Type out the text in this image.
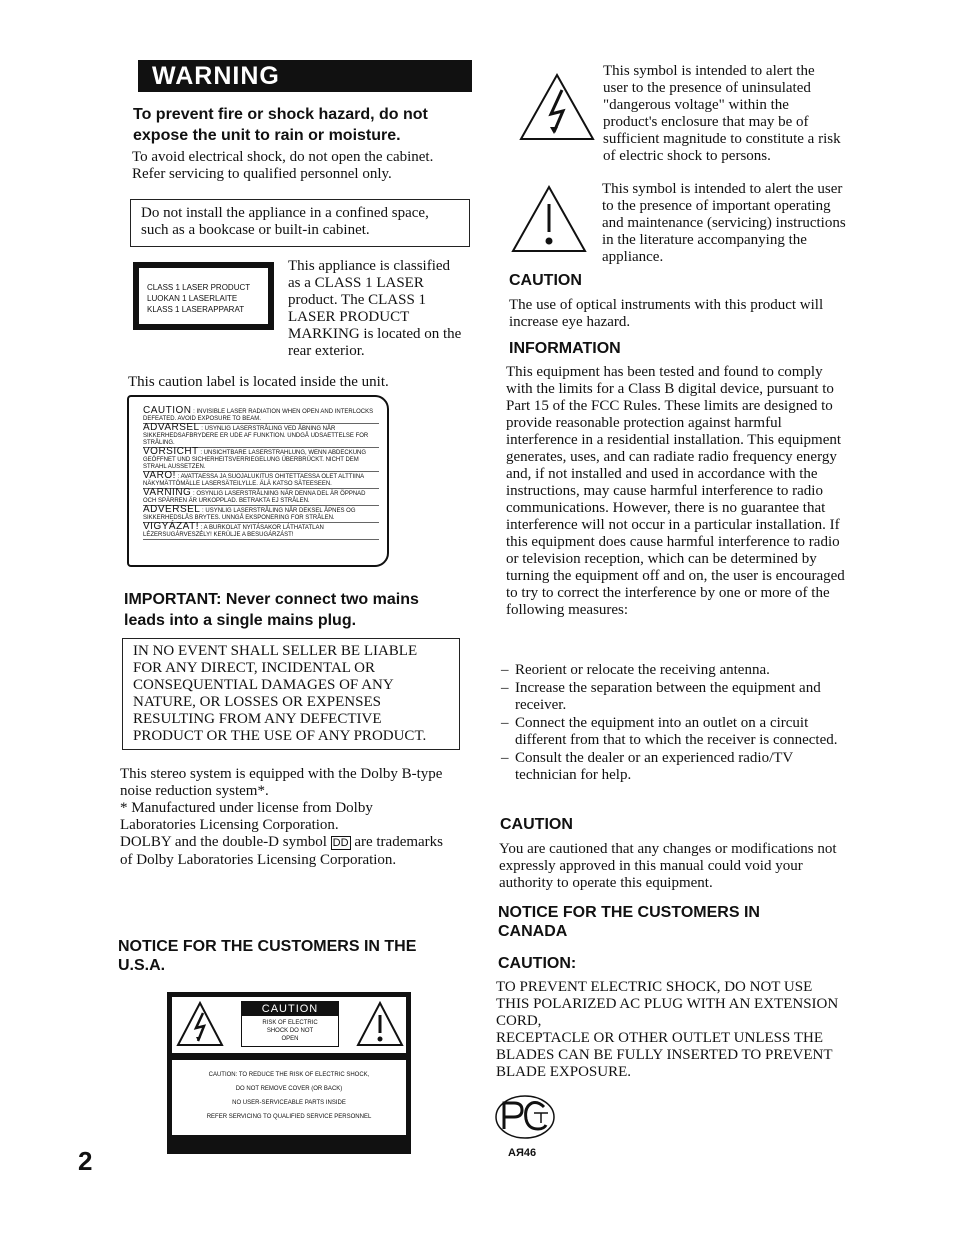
WARNING
To prevent fire or shock hazard, do not expose the unit to rain or moisture.
To avoid electrical shock, do not open the cabinet. Refer servicing to qualified personnel only.
Do not install the appliance in a confined space, such as a bookcase or built-in cabinet.
CLASS 1 LASER PRODUCT
LUOKAN 1 LASERLAITE
KLASS 1 LASERAPPARAT
This appliance is classified as a CLASS 1 LASER product. The CLASS 1 LASER PRODUCT MARKING is located on the rear exterior.
This caution label is located inside the unit.
CAUTION : INVISIBLE LASER RADIATION WHEN OPEN AND INTERLOCKS DEFEATED. AVOID EXPOSURE TO BEAM.
ADVARSEL : USYNLIG LASERSTRÅLING VED ÅBNING NÅR SIKKERHEDSAFBRYDERE ER UDE AF FUNKTION. UNDGÅ UDSAETTELSE FOR STRÅLING.
VORSICHT : UNSICHTBARE LASERSTRAHLUNG, WENN ABDECKUNG GEÖFFNET UND SICHERHEITSVERRIEGELUNG ÜBERBRÜCKT. NICHT DEM STRAHL AUSSETZEN.
VARO! : AVATTAESSA JA SUOJALUKITUS OHITETTAESSA OLET ALTTIINA NÄKYMÄTTÖMÄLLE LASERSÄTEILYLLE. ÄLÄ KATSO SÄTEESEEN.
VARNING : OSYNLIG LASERSTRÅLNING NÄR DENNA DEL ÄR ÖPPNAD OCH SPÄRREN ÄR URKOPPLAD. BETRAKTA EJ STRÅLEN.
ADVERSEL : USYNLIG LASERSTRÅLING NÅR DEKSEL ÅPNES OG SIKKERHEDSLÅS BRYTES. UNNGÅ EKSPONERING FOR STRÅLEN.
VIGYÁZAT! : A BURKOLAT NYITÁSAKOR LÁTHATATLAN LÉZERSUGÁRVESZÉLY! KERÜLJE A BESUGÁRZÁST!
IMPORTANT: Never connect two mains leads into a single mains plug.
IN NO EVENT SHALL SELLER BE LIABLE FOR ANY DIRECT, INCIDENTAL OR CONSEQUENTIAL DAMAGES OF ANY NATURE, OR LOSSES OR EXPENSES RESULTING FROM ANY DEFECTIVE PRODUCT OR THE USE OF ANY PRODUCT.
This stereo system is equipped with the Dolby B-type noise reduction system*.
* Manufactured under license from Dolby Laboratories Licensing Corporation.
DOLBY and the double-D symbol DD are trademarks of Dolby Laboratories Licensing Corporation.
NOTICE FOR THE CUSTOMERS IN THE U.S.A.
CAUTION
RISK OF ELECTRIC SHOCK DO NOT OPEN
CAUTION: TO REDUCE THE RISK OF ELECTRIC SHOCK,
DO NOT REMOVE COVER (OR BACK)
NO USER-SERVICEABLE PARTS INSIDE
REFER SERVICING TO QUALIFIED SERVICE PERSONNEL
2
This symbol is intended to alert the user to the presence of uninsulated "dangerous voltage" within the product's enclosure that may be of sufficient magnitude to constitute a risk of electric shock to persons.
This symbol is intended to alert the user to the presence of important operating and maintenance (servicing) instructions in the literature accompanying the appliance.
CAUTION
The use of optical instruments with this product will increase eye hazard.
INFORMATION
This equipment has been tested and found to comply with the limits for a Class B digital device, pursuant to Part 15 of the FCC Rules. These limits are designed to provide reasonable protection against harmful interference in a residential installation. This equipment generates, uses, and can radiate radio frequency energy and, if not installed and used in accordance with the instructions, may cause harmful interference to radio communications. However, there is no guarantee that interference will not occur in a particular installation. If this equipment does cause harmful interference to radio or television reception, which can be determined by turning the equipment off and on, the user is encouraged to try to correct the interference by one or more of the following measures:
– Reorient or relocate the receiving antenna.
– Increase the separation between the equipment and receiver.
– Connect the equipment into an outlet on a circuit different from that to which the receiver is connected.
– Consult the dealer or an experienced radio/TV technician for help.
CAUTION
You are cautioned that any changes or modifications not expressly approved in this manual could void your authority to operate this equipment.
NOTICE FOR THE CUSTOMERS IN CANADA
CAUTION:
TO PREVENT ELECTRIC SHOCK, DO NOT USE THIS POLARIZED AC PLUG WITH AN EXTENSION CORD,
RECEPTACLE OR OTHER OUTLET UNLESS THE BLADES CAN BE FULLY INSERTED TO PREVENT BLADE EXPOSURE.
АЯ46
